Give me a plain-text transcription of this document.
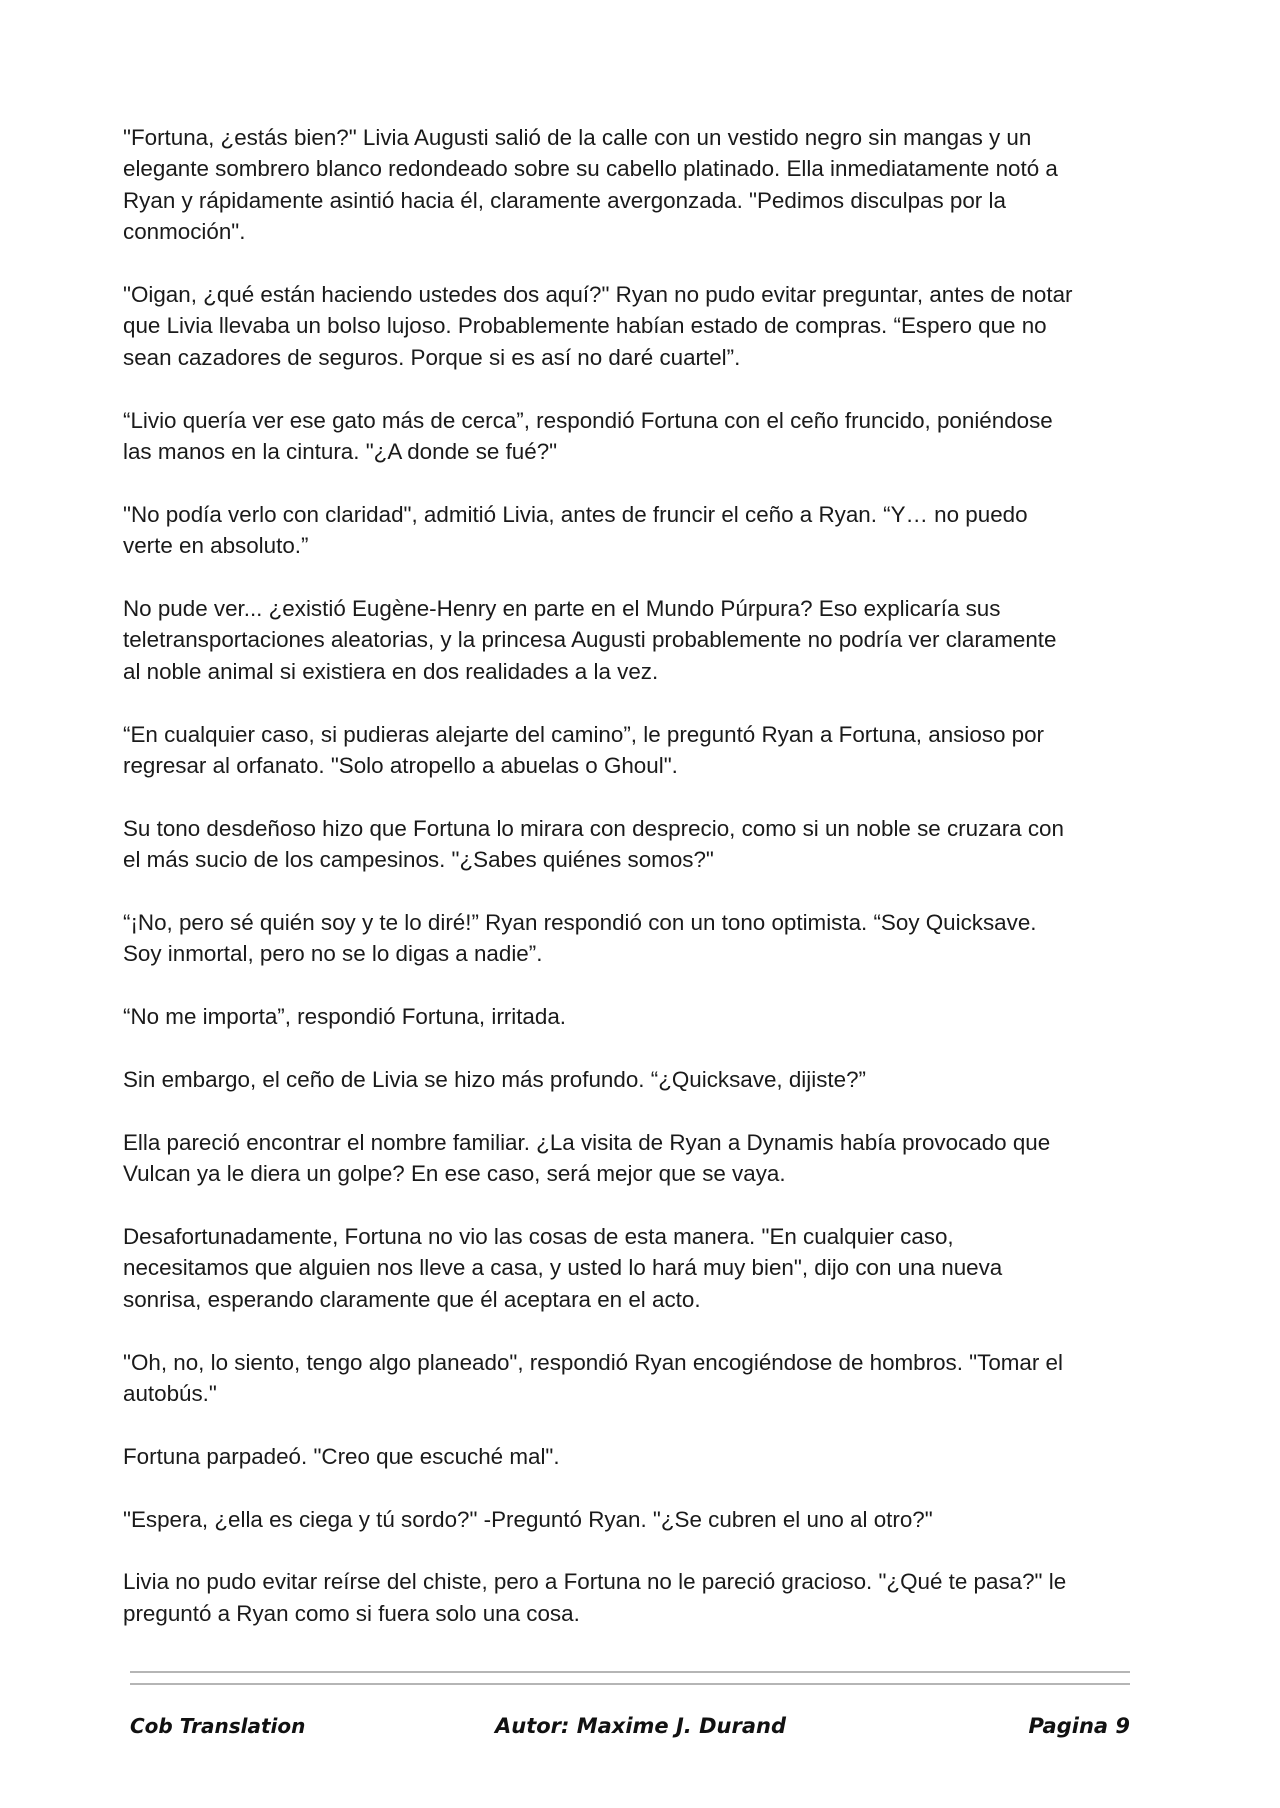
"Fortuna, ¿estás bien?" Livia Augusti salió de la calle con un vestido negro sin mangas y un
elegante sombrero blanco redondeado sobre su cabello platinado. Ella inmediatamente notó a
Ryan y rápidamente asintió hacia él, claramente avergonzada. "Pedimos disculpas por la
conmoción".

"Oigan, ¿qué están haciendo ustedes dos aquí?" Ryan no pudo evitar preguntar, antes de notar
que Livia llevaba un bolso lujoso. Probablemente habían estado de compras. “Espero que no
sean cazadores de seguros. Porque si es así no daré cuartel”.

“Livio quería ver ese gato más de cerca”, respondió Fortuna con el ceño fruncido, poniéndose
las manos en la cintura. "¿A donde se fué?"

"No podía verlo con claridad", admitió Livia, antes de fruncir el ceño a Ryan. “Y… no puedo
verte en absoluto.”

No pude ver... ¿existió Eugène-Henry en parte en el Mundo Púrpura? Eso explicaría sus
teletransportaciones aleatorias, y la princesa Augusti probablemente no podría ver claramente
al noble animal si existiera en dos realidades a la vez.

“En cualquier caso, si pudieras alejarte del camino”, le preguntó Ryan a Fortuna, ansioso por
regresar al orfanato. "Solo atropello a abuelas o Ghoul".

Su tono desdeñoso hizo que Fortuna lo mirara con desprecio, como si un noble se cruzara con
el más sucio de los campesinos. "¿Sabes quiénes somos?"

“¡No, pero sé quién soy y te lo diré!” Ryan respondió con un tono optimista. “Soy Quicksave.
Soy inmortal, pero no se lo digas a nadie”.

“No me importa”, respondió Fortuna, irritada.

Sin embargo, el ceño de Livia se hizo más profundo. “¿Quicksave, dijiste?”

Ella pareció encontrar el nombre familiar. ¿La visita de Ryan a Dynamis había provocado que
Vulcan ya le diera un golpe? En ese caso, será mejor que se vaya.

Desafortunadamente, Fortuna no vio las cosas de esta manera. "En cualquier caso,
necesitamos que alguien nos lleve a casa, y usted lo hará muy bien", dijo con una nueva
sonrisa, esperando claramente que él aceptara en el acto.

"Oh, no, lo siento, tengo algo planeado", respondió Ryan encogiéndose de hombros. "Tomar el
autobús."

Fortuna parpadeó. "Creo que escuché mal".

"Espera, ¿ella es ciega y tú sordo?" -Preguntó Ryan. "¿Se cubren el uno al otro?"

Livia no pudo evitar reírse del chiste, pero a Fortuna no le pareció gracioso. "¿Qué te pasa?" le
preguntó a Ryan como si fuera solo una cosa.

Cob Translation	Autor: Maxime J. Durand	Pagina 9
